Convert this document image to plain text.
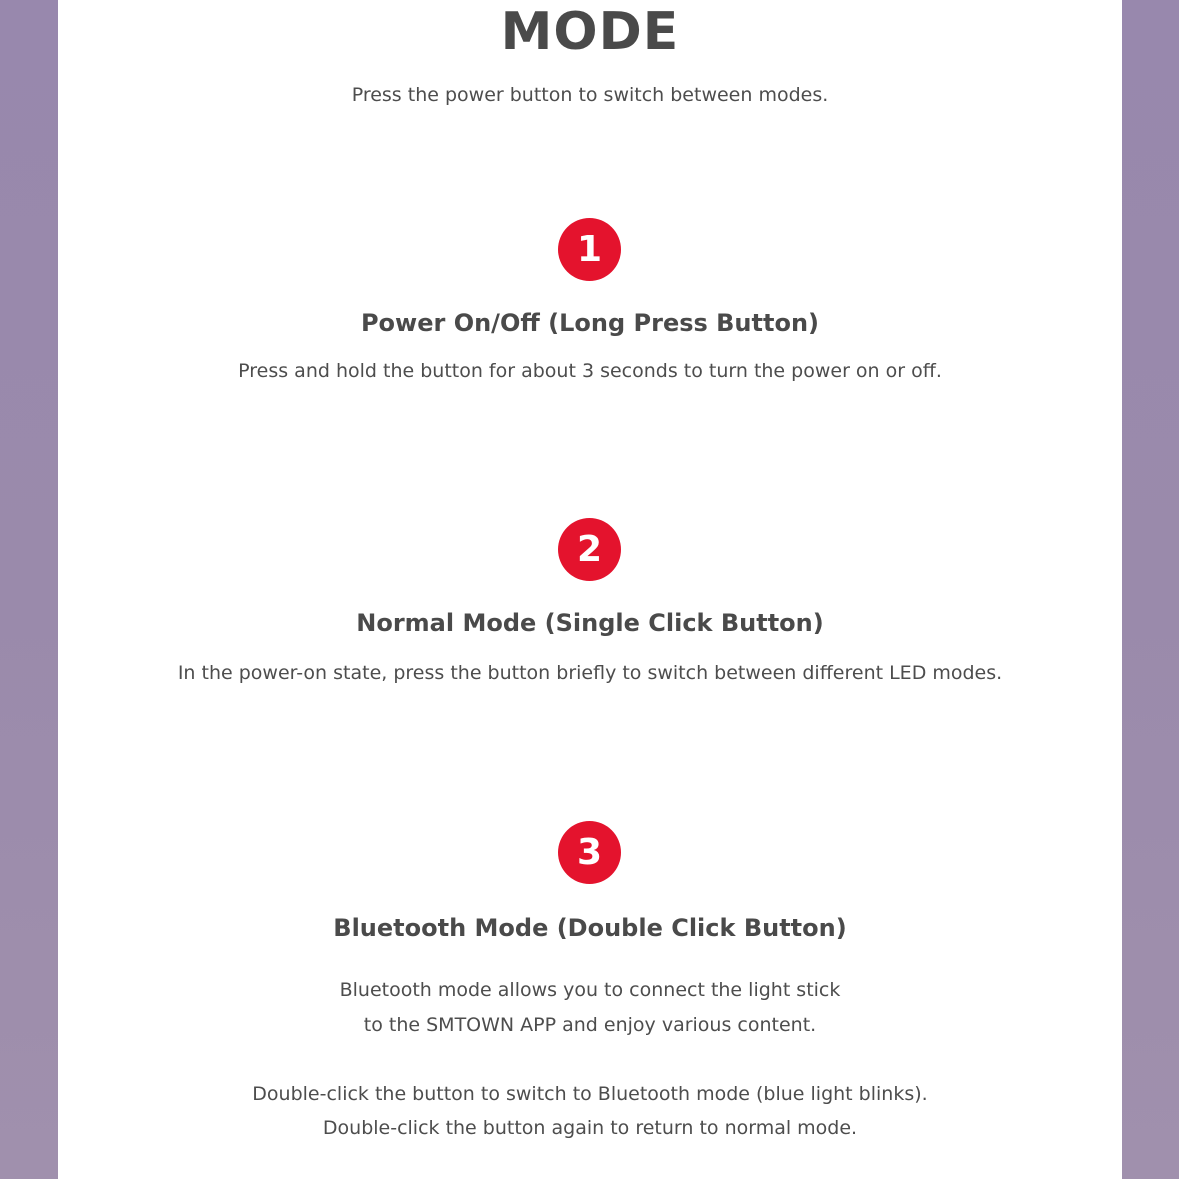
MODE
Press the power button to switch between modes.
1
Power On/Off (Long Press Button)
Press and hold the button for about 3 seconds to turn the power on or off.
2
Normal Mode (Single Click Button)
In the power-on state, press the button briefly to switch between different LED modes.
3
Bluetooth Mode (Double Click Button)
Bluetooth mode allows you to connect the light stick
to the SMTOWN APP and enjoy various content.
Double-click the button to switch to Bluetooth mode (blue light blinks).
Double-click the button again to return to normal mode.
